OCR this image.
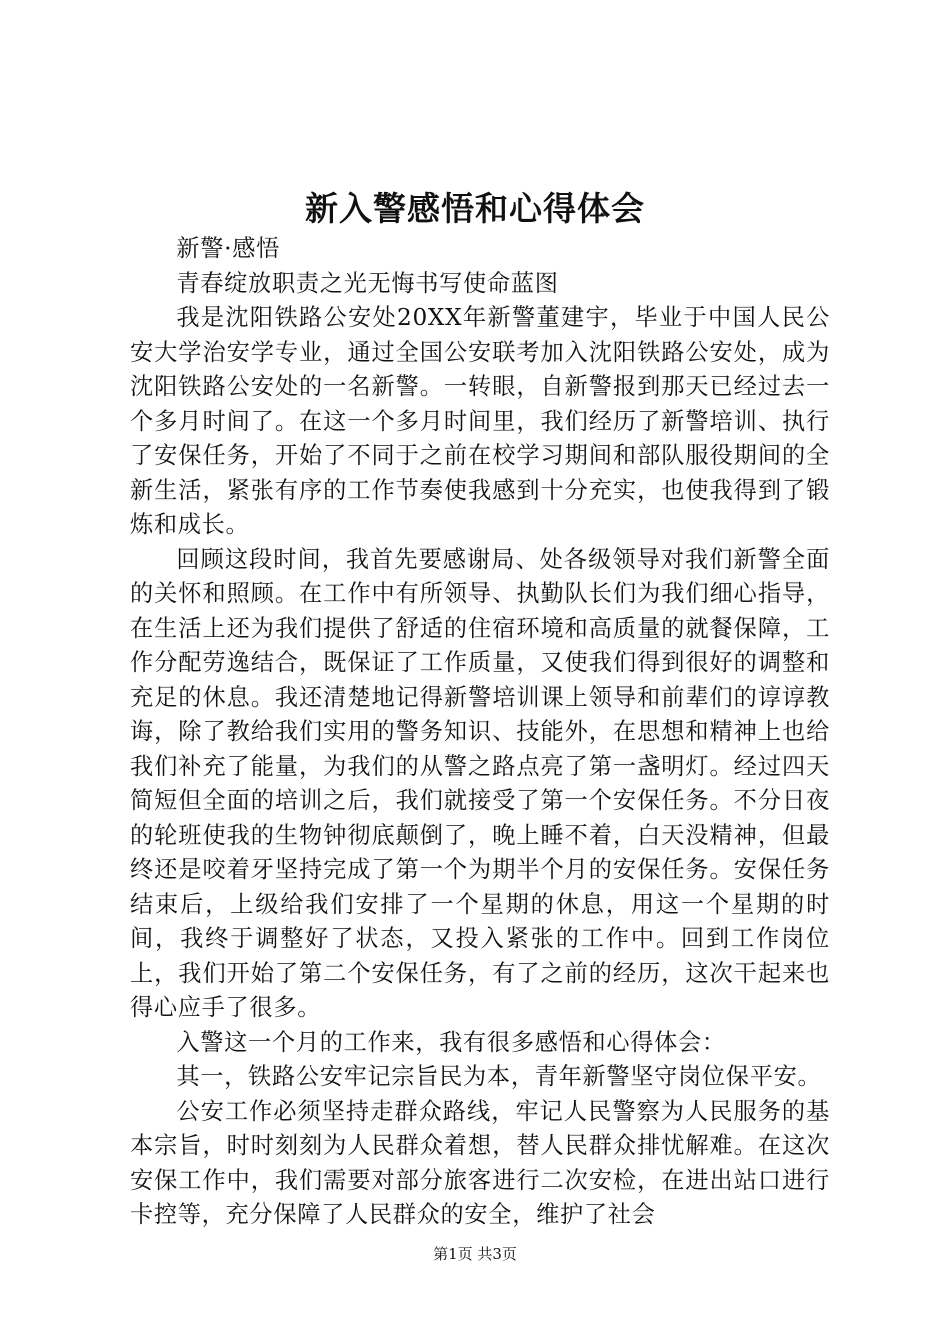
新入警感悟和心得体会

新警·感悟

青春绽放职责之光无悔书写使命蓝图

我是沈阳铁路公安处20XX年新警董建宇，毕业于中国人民公安大学治安学专业，通过全国公安联考加入沈阳铁路公安处，成为沈阳铁路公安处的一名新警。一转眼，自新警报到那天已经过去一个多月时间了。在这一个多月时间里，我们经历了新警培训、执行了安保任务，开始了不同于之前在校学习期间和部队服役期间的全新生活，紧张有序的工作节奏使我感到十分充实，也使我得到了锻炼和成长。

回顾这段时间，我首先要感谢局、处各级领导对我们新警全面的关怀和照顾。在工作中有所领导、执勤队长们为我们细心指导，在生活上还为我们提供了舒适的住宿环境和高质量的就餐保障，工作分配劳逸结合，既保证了工作质量，又使我们得到很好的调整和充足的休息。我还清楚地记得新警培训课上领导和前辈们的谆谆教诲，除了教给我们实用的警务知识、技能外，在思想和精神上也给我们补充了能量，为我们的从警之路点亮了第一盏明灯。经过四天简短但全面的培训之后，我们就接受了第一个安保任务。不分日夜的轮班使我的生物钟彻底颠倒了，晚上睡不着，白天没精神，但最终还是咬着牙坚持完成了第一个为期半个月的安保任务。安保任务结束后，上级给我们安排了一个星期的休息，用这一个星期的时间，我终于调整好了状态，又投入紧张的工作中。回到工作岗位上，我们开始了第二个安保任务，有了之前的经历，这次干起来也得心应手了很多。

入警这一个月的工作来，我有很多感悟和心得体会：

其一，铁路公安牢记宗旨民为本，青年新警坚守岗位保平安。

公安工作必须坚持走群众路线，牢记人民警察为人民服务的基本宗旨，时时刻刻为人民群众着想，替人民群众排忧解难。在这次安保工作中，我们需要对部分旅客进行二次安检，在进出站口进行卡控等，充分保障了人民群众的安全，维护了社会

第1页 共3页
